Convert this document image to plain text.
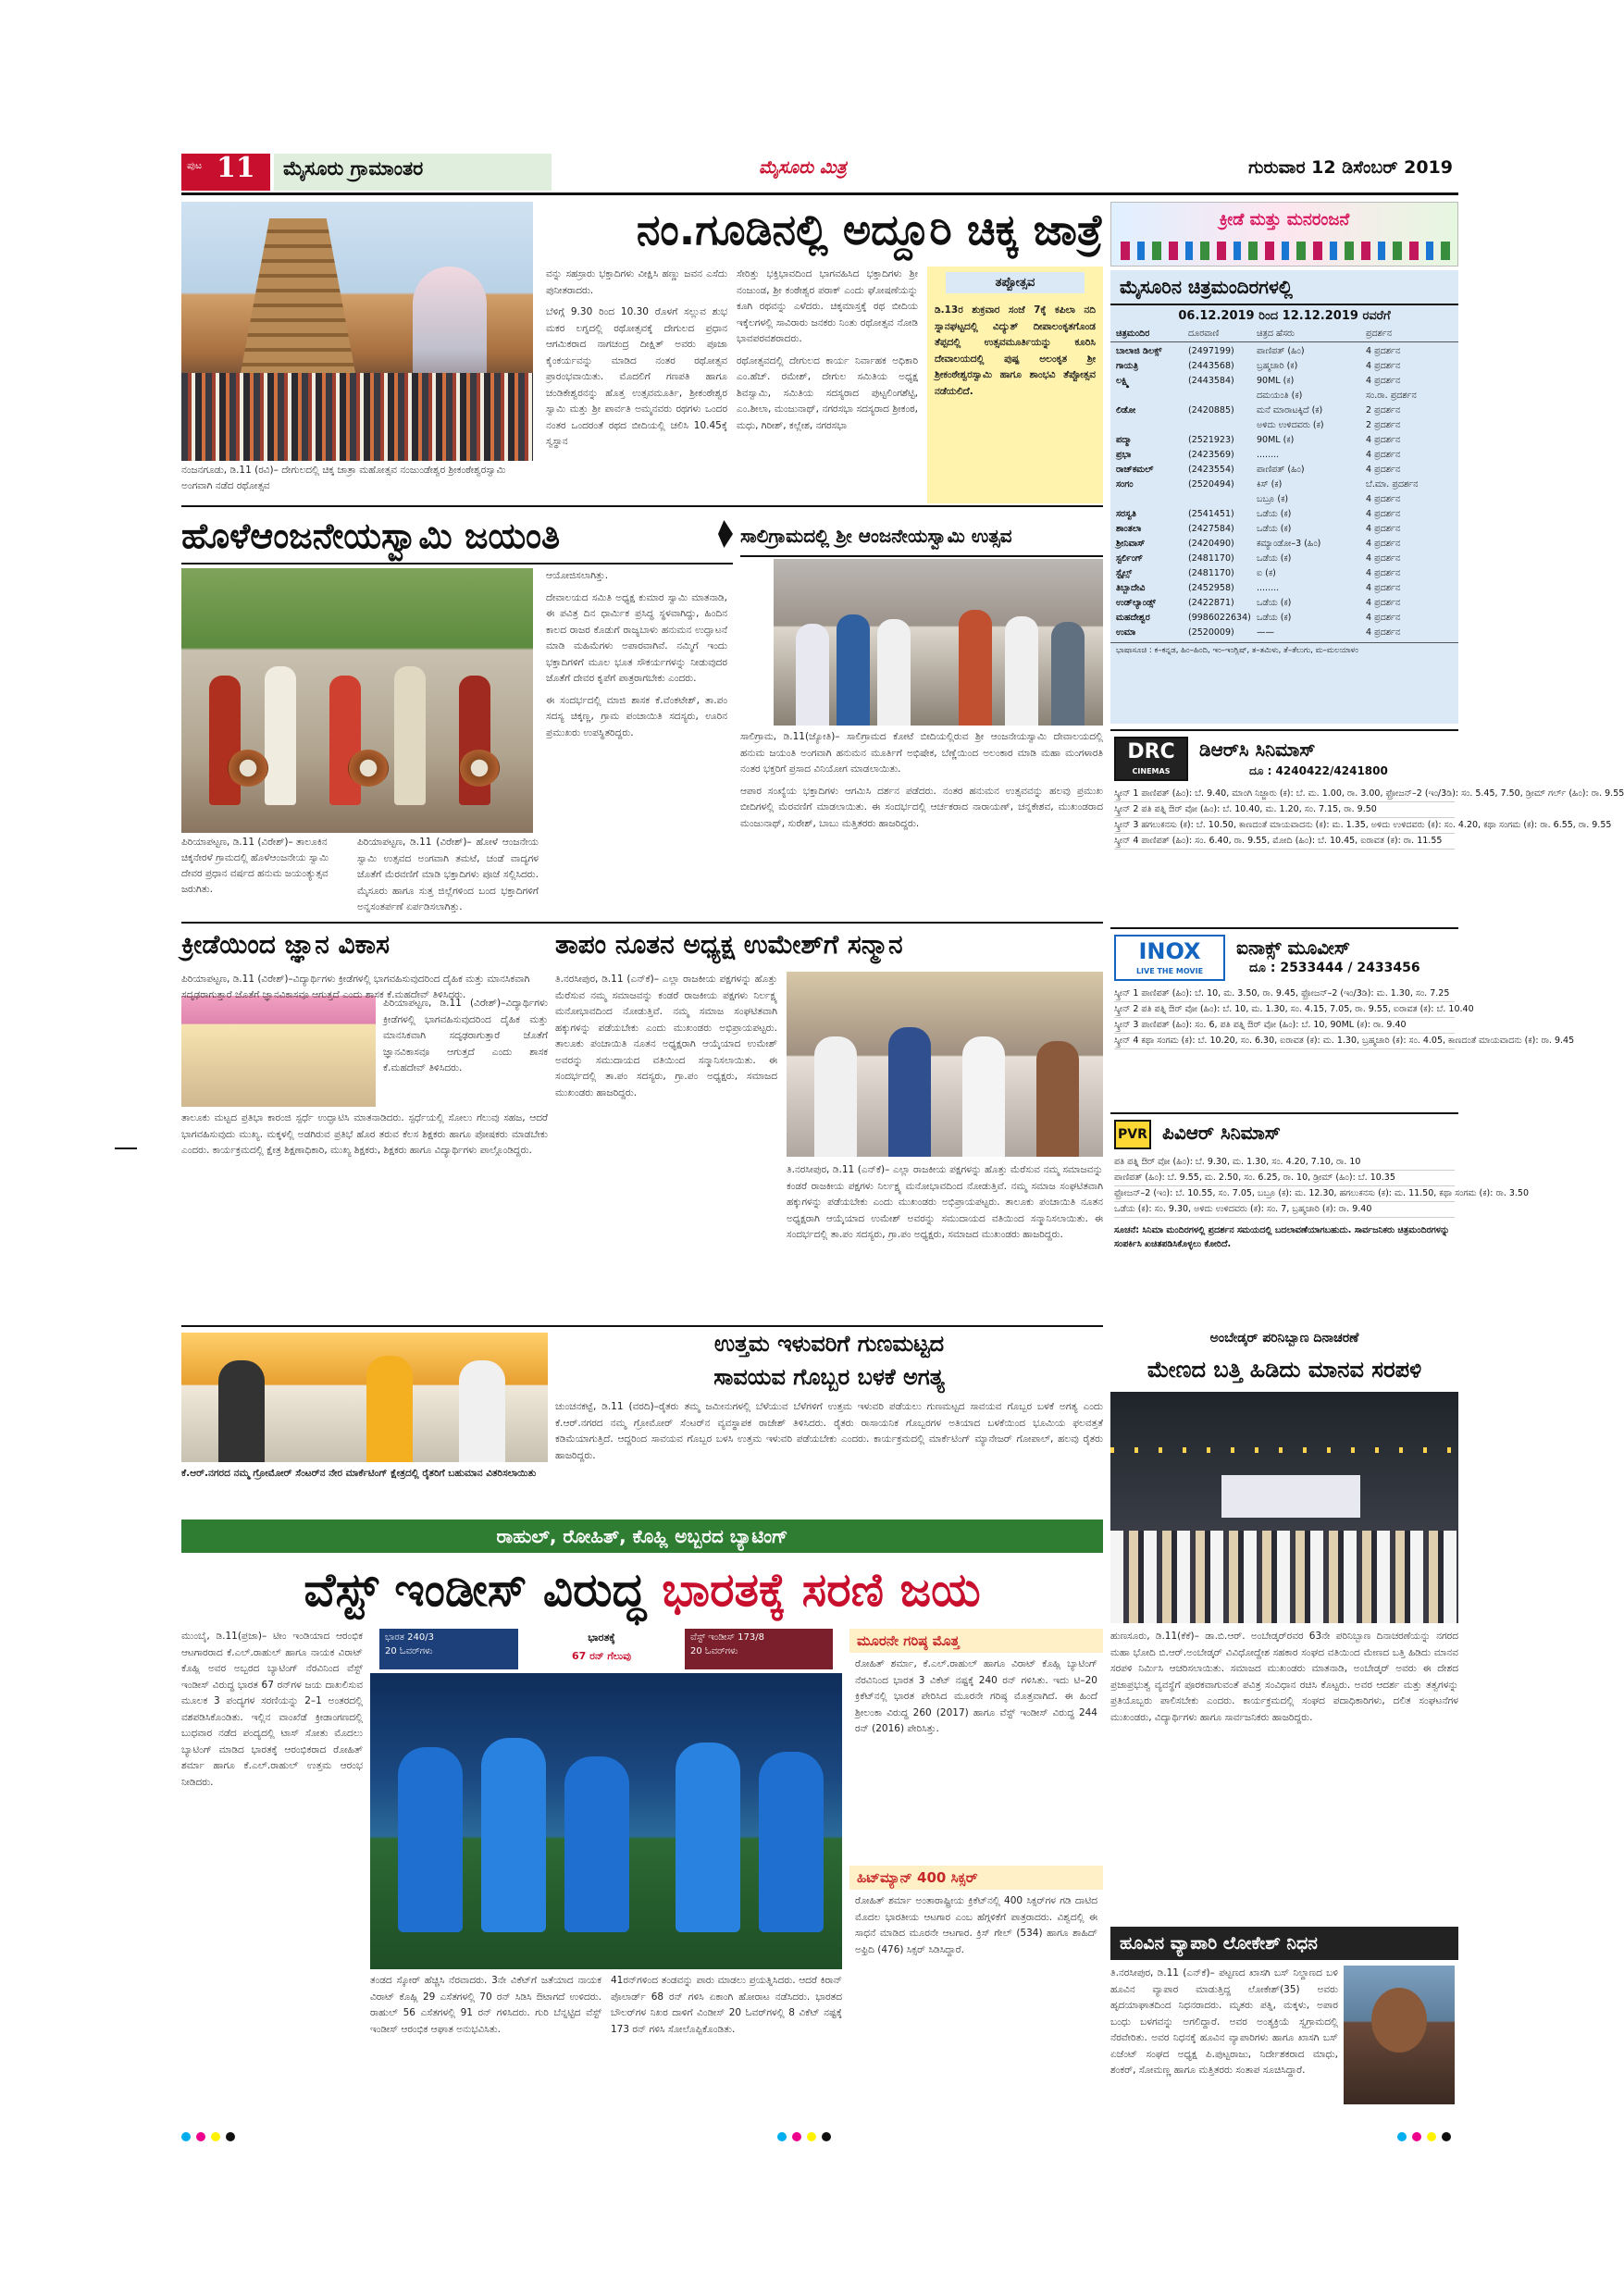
ಪುಟ 11	ಮೈಸೂರು ಗ್ರಾಮಾಂತರ	ಮೈಸೂರು ಮಿತ್ರ	ಗುರುವಾರ 12 ಡಿಸೆಂಬರ್ 2019
ನಂ.ಗೂಡಿನಲ್ಲಿ ಅದ್ದೂರಿ ಚಿಕ್ಕ ಜಾತ್ರೆ
ನಂಜನಗೂಡು, ಡಿ.11 (ರವಿ)– ದೇಗುಲದಲ್ಲಿ ಚಿಕ್ಕ ಜಾತ್ರಾ ಮಹೋತ್ಸವ ನಂಜುಂಡೇಶ್ವರ ಶ್ರೀಕಂಠೇಶ್ವರಸ್ವಾಮಿ ಅಂಗವಾಗಿ ನಡೆದ ರಥೋತ್ಸವ

ವನ್ನು ಸಹಸ್ರಾರು ಭಕ್ತಾದಿಗಳು ವೀಕ್ಷಿಸಿ ಹಣ್ಣು ಜವನ ಎಸೆದು ಪುನೀತರಾದರು.

ಬೆಳಿಗ್ಗೆ 9.30 ರಿಂದ 10.30 ರೊಳಗೆ ಸಲ್ಲುವ ಶುಭ ಮಕರ ಲಗ್ನದಲ್ಲಿ ರಥೋತ್ಸವಕ್ಕೆ ದೇಗುಲದ ಪ್ರಧಾನ ಆಗಮಿಕರಾದ ನಾಗಚಂದ್ರ ದೀಕ್ಷಿತ್ ಅವರು ಪೂಜಾ ಕೈಂಕರ್ಯವನ್ನು ಮಾಡಿದ ನಂತರ ರಥೋತ್ಸವ ಪ್ರಾರಂಭವಾಯಿತು. ಮೊದಲಿಗೆ ಗಣಪತಿ ಹಾಗೂ ಚಂಡಿಕೇಶ್ವರನನ್ನು ಹೊತ್ತ ಉತ್ಸವಮೂರ್ತಿ, ಶ್ರೀಕಂಠೇಶ್ವರ ಸ್ವಾಮಿ ಮತ್ತು ಶ್ರೀ ಪಾರ್ವತಿ ಅಮ್ಮನವರು ರಥಗಳು ಒಂದರ ನಂತರ ಒಂದರಂತೆ ರಥದ ಬೀದಿಯಲ್ಲಿ ಚಲಿಸಿ 10.45ಕ್ಕೆ ಸ್ವಸ್ಥಾನ

ಸೇರಿತ್ತು ಭಕ್ತಿಭಾವದಿಂದ ಭಾಗವಹಿಸಿದ ಭಕ್ತಾದಿಗಳು ಶ್ರೀ ನಂಜುಂಡ, ಶ್ರೀ ಕಂಠೇಶ್ವರ ಪರಾಕ್ ಎಂದು ಘೋಷಣೆಯನ್ನು ಕೂಗಿ ರಥವನ್ನು ಎಳೆದರು. ಚಿಕ್ಕಮಾಸ್ತಕ್ಕೆ ರಥ ಬೀದಿಯ ಇಕ್ಕೆಲಗಳಲ್ಲಿ ಸಾವಿರಾರು ಜನಕರು ನಿಂತು ರಥೋತ್ಸವ ನೋಡಿ ಭಾವಪರವಶರಾದರು.

ರಥೋತ್ಸವದಲ್ಲಿ ದೇಗುಲದ ಕಾರ್ಯ ನಿರ್ವಾಹಕ ಅಧಿಕಾರಿ ಎಂ.ಹೆಚ್. ರಮೇಶ್, ದೇಗುಲ ಸಮಿತಿಯ ಅಧ್ಯಕ್ಷ ಶಿವಸ್ವಾಮಿ, ಸಮಿತಿಯ ಸದಸ್ಯರಾದ ಪುಟ್ಟಲಿಂಗಶೆಟ್ಟಿ, ಎಂ.ಶೀಲಾ, ಮಂಜುನಾಥ್, ನಗರಸಭಾ ಸದಸ್ಯರಾದ ಶ್ರೀಕಂಠ, ಮಧು, ಗಿರೀಶ್, ಕಲ್ಲೇಶ, ನಗರಸಭಾ

ತಪ್ಪೋತ್ಸವ
ಡಿ.13ರ ಶುಕ್ರವಾರ ಸಂಜೆ 7ಕ್ಕೆ ಕಪಿಲಾ ನದಿ ಸ್ನಾನಘಟ್ಟದಲ್ಲಿ ವಿದ್ಯುತ್ ದೀಪಾಲಂಕೃತಗೊಂಡ ತೆಪ್ಪದಲ್ಲಿ ಉತ್ಸವಮೂರ್ತಿಯನ್ನು ಕೂರಿಸಿ ದೇವಾಲಯದಲ್ಲಿ ಪುಷ್ಪ ಅಲಂಕೃತ ಶ್ರೀ ಶ್ರೀಕಂಠೇಶ್ವರಸ್ವಾಮಿ ಹಾಗೂ ಶಾಂಭವಿ ತೆಪ್ಪೋತ್ಸವ ನಡೆಯಲಿದೆ.
ಕ್ರೀಡೆ ಮತ್ತು ಮನರಂಜನೆ
ಮೈಸೂರಿನ ಚಿತ್ರಮಂದಿರಗಳಲ್ಲಿ
06.12.2019 ರಿಂದ 12.12.2019 ರವರೆಗೆ
ಚಿತ್ರಮಂದಿರ	ದೂರವಾಣಿ	ಚಿತ್ರದ ಹೆಸರು	ಪ್ರದರ್ಶನ
ಬಾಲಾಜಿ ಡಿಲಕ್ಸ್	(2497199)	ಪಾಣಿಪತ್ (ಹಿಂ)	4 ಪ್ರದರ್ಶನ
ಗಾಯತ್ರಿ	(2443568)	ಬ್ರಹ್ಮಚಾರಿ (ಕ)	4 ಪ್ರದರ್ಶನ
ಲಕ್ಷ್ಮಿ	(2443584)	90ML (ಕ)	4 ಪ್ರದರ್ಶನ
ದಮಯಂತಿ (ಕ)	ಸಂ.ರಾ. ಪ್ರದರ್ಶನ
ಲಿಡೋ	(2420885)	ಮನೆ ಮಾರಾಟಕ್ಕಿದೆ (ಕ)	2 ಪ್ರದರ್ಶನ
ಅಳಿದು ಉಳಿದವರು (ಕ)	2 ಪ್ರದರ್ಶನ
ಪದ್ಮಾ	(2521923)	90ML (ಕ)	4 ಪ್ರದರ್ಶನ
ಪ್ರಭಾ	(2423569)	........	4 ಪ್ರದರ್ಶನ
ರಾಜ್‌ಕಮಲ್	(2423554)	ಪಾಣಿಪತ್ (ಹಿಂ)	4 ಪ್ರದರ್ಶನ
ಸಂಗಂ	(2520494)	ಕಿಸ್ (ಕ)	ಬೆ.ಮಾ. ಪ್ರದರ್ಶನ
ಬಬ್ರೂ (ಕ)	4 ಪ್ರದರ್ಶನ
ಸರಸ್ವತಿ	(2541451)	ಒಡೆಯ (ಕ)	4 ಪ್ರದರ್ಶನ
ಶಾಂತಲಾ	(2427584)	ಒಡೆಯ (ಕ)	4 ಪ್ರದರ್ಶನ
ಶ್ರೀನಿವಾಸ್	(2420490)	ಕಮ್ಯಾಂಡೋ–3 (ಹಿಂ)	4 ಪ್ರದರ್ಶನ
ಸ್ಟರ್ಲಿಂಗ್	(2481170)	ಒಡೆಯ (ಕ)	4 ಪ್ರದರ್ಶನ
ಸ್ಟೈಲ್ಸ್	(2481170)	ಐ (ಕ)	4 ಪ್ರದರ್ಶನ
ತಿಬ್ಬಾದೇವಿ	(2452958)	........	4 ಪ್ರದರ್ಶನ
ಉಡ್‌ಲ್ಯಾಂಡ್ಸ್	(2422871)	ಒಡೆಯ (ಕ)	4 ಪ್ರದರ್ಶನ
ಮಹದೇಶ್ವರ	(9986022634) ಒಡೆಯ (ಕ)	4 ಪ್ರದರ್ಶನ
ಉಮಾ	(2520009)	——	4 ಪ್ರದರ್ಶನ
ಭಾಷಾಸೂಚಿ : ಕ–ಕನ್ನಡ, ಹಿಂ–ಹಿಂದಿ, ಇಂ–ಇಂಗ್ಲಿಷ್, ತ–ತಮಿಳು, ತೆ–ತೆಲುಗು, ಮ–ಮಲಯಾಳಂ
DRC
CINEMAS
ಡಿಆರ್‌ಸಿ ಸಿನಿಮಾಸ್
ದೂ : 4240422/4241800
ಸ್ಕ್ರೀನ್ 1 ಪಾಣಿಪತ್ (ಹಿಂ): ಬೆ. 9.40, ಮಾಂಗಿ ನಿಜ್ಜಾರು (ಕ): ಬೆ. ಮ. 1.00, ರಾ. 3.00, ಫ್ರೋಜನ್–2 (ಇಂ/3ಡಿ): ಸಂ. 5.45, 7.50, ಡ್ರೀಮ್ ಗರ್ಲ್ (ಹಿಂ): ರಾ. 9.55
ಸ್ಕ್ರೀನ್ 2 ಪತಿ ಪತ್ನಿ ಔರ್ ವೋ (ಹಿಂ): ಬೆ. 10.40, ಮ. 1.20, ಸಂ. 7.15, ರಾ. 9.50
ಸ್ಕ್ರೀನ್ 3 ಹಗಲುಕನಸು (ಕ): ಬೆ. 10.50, ಕಾಣದಂತೆ ಮಾಯವಾದನು (ಕ): ಮ. 1.35, ಅಳಿದು ಉಳಿದವರು (ಕ): ಸಂ. 4.20, ಕಥಾ ಸಂಗಮ (ಕ): ರಾ. 6.55, ರಾ. 9.55
ಸ್ಕ್ರೀನ್ 4 ಪಾಣಿಪತ್ (ಹಿಂ): ಸಂ. 6.40, ರಾ. 9.55, ಮೋದಿ (ಹಿಂ): ಬೆ. 10.45, ಐರಾವತ (ಕ): ರಾ. 11.55
INOX
LIVE THE MOVIE
ಐನಾಕ್ಸ್ ಮೂವೀಸ್
ದೂ : 2533444 / 2433456
ಸ್ಕ್ರೀನ್ 1 ಪಾಣಿಪತ್ (ಹಿಂ): ಬೆ. 10, ಮ. 3.50, ರಾ. 9.45, ಫ್ರೋಜನ್–2 (ಇಂ/3ಡಿ): ಮ. 1.30, ಸಂ. 7.25
ಸ್ಕ್ರೀನ್ 2 ಪತಿ ಪತ್ನಿ ಔರ್ ವೋ (ಹಿಂ): ಬೆ. 10, ಮ. 1.30, ಸಂ. 4.15, 7.05, ರಾ. 9.55, ಐರಾವತ (ಕ): ಬೆ. 10.40
ಸ್ಕ್ರೀನ್ 3 ಪಾಣಿಪತ್ (ಹಿಂ): ಸಂ. 6, ಪತಿ ಪತ್ನಿ ಔರ್ ವೋ (ಹಿಂ): ಬೆ. 10, 90ML (ಕ): ರಾ. 9.40
ಸ್ಕ್ರೀನ್ 4 ಕಥಾ ಸಂಗಮ (ಕ): ಬೆ. 10.20, ಸಂ. 6.30, ಐರಾವತ (ಕ): ಮ. 1.30, ಬ್ರಹ್ಮಚಾರಿ (ಕ): ಸಂ. 4.05, ಕಾಣದಂತೆ ಮಾಯವಾದನು (ಕ): ರಾ. 9.45
PVR ಪಿವಿಆರ್ ಸಿನಿಮಾಸ್
ಪತಿ ಪತ್ನಿ ಔರ್ ವೋ (ಹಿಂ): ಬೆ. 9.30, ಮ. 1.30, ಸಂ. 4.20, 7.10, ರಾ. 10
ಪಾಣಿಪತ್ (ಹಿಂ): ಬೆ. 9.55, ಮ. 2.50, ಸಂ. 6.25, ರಾ. 10, ಡ್ರೀಮ್ (ಹಿಂ): ಬೆ. 10.35
ಫ್ರೋಜನ್–2 (ಇಂ): ಬೆ. 10.55, ಸಂ. 7.05, ಬಬ್ರೂ (ಕ): ಮ. 12.30, ಹಗಲುಕನಸು (ಕ): ಮ. 11.50, ಕಥಾ ಸಂಗಮ (ಕ): ರಾ. 3.50
ಒಡೆಯ (ಕ): ಸಂ. 9.30, ಅಳಿದು ಉಳಿದವರು (ಕ): ಸಂ. 7, ಬ್ರಹ್ಮಚಾರಿ (ಕ): ರಾ. 9.40
ಸೂಚನೆ: ಸಿನಿಮಾ ಮಂದಿರಗಳಲ್ಲಿ ಪ್ರದರ್ಶನ ಸಮಯದಲ್ಲಿ ಬದಲಾವಣೆಯಾಗಬಹುದು. ಸಾರ್ವಜನಿಕರು ಚಿತ್ರಮಂದಿರಗಳನ್ನು ಸಂಪರ್ಕಿಸಿ ಖಚಿತಪಡಿಸಿಕೊಳ್ಳಲು ಕೋರಿದೆ.
ಹೊಳೆಆಂಜನೇಯಸ್ವಾಮಿ ಜಯಂತಿ
ಪಿರಿಯಾಪಟ್ಟಣ, ಡಿ.11 (ವಿರೇಶ್)– ತಾಲೂಕಿನ ಚಿಕ್ಕನೇರಳೆ ಗ್ರಾಮದಲ್ಲಿ ಹೊಳೆಆಂಜನೇಯ ಸ್ವಾಮಿ ದೇವರ ಪ್ರಧಾನ ವರ್ಷದ ಹನುಮ ಜಯಂತ್ಯುತ್ಸವ ಜರುಗಿತು.

ಆಯೋಜಿಸಲಾಗಿತ್ತು.

ದೇವಾಲಯದ ಸಮಿತಿ ಅಧ್ಯಕ್ಷ ಕುಮಾರ ಸ್ವಾಮಿ ಮಾತನಾಡಿ, ಈ ಪವಿತ್ರ ದಿನ ಧಾರ್ಮಿಕ ಪ್ರಸಿದ್ಧ ಸ್ಥಳವಾಗಿದ್ದು, ಹಿಂದಿನ ಕಾಲದ ರಾಜರ ಕೊಡುಗೆ ರಾಜ್ಯಬಾಳು ಹನುಮನ ಉದ್ಘಾಟನೆ ಮಾಡಿ ಮಹಿಮೆಗಳು ಅಪಾರವಾಗಿವೆ. ನಮ್ಮಿಗೆ ಇಂದು ಭಕ್ತಾದಿಗಳಿಗೆ ಮೂಲ ಭೂತ ಸೌಕರ್ಯಗಳನ್ನು ನೀಡುವುದರ ಜೊತೆಗೆ ದೇವರ ಕೃಪೆಗೆ ಪಾತ್ರರಾಗಬೇಕು ಎಂದರು.

ಈ ಸಂದರ್ಭದಲ್ಲಿ ಮಾಜಿ ಶಾಸಕ ಕೆ.ವೆಂಕಟೇಶ್, ತಾ.ಪಂ ಸದಸ್ಯ ಚಿಕ್ಕಣ್ಣ, ಗ್ರಾಮ ಪಂಚಾಯಿತಿ ಸದಸ್ಯರು, ಊರಿನ ಪ್ರಮುಖರು ಉಪಸ್ಥಿತರಿದ್ದರು.

ಪಿರಿಯಾಪಟ್ಟಣ, ಡಿ.11 (ವಿರೇಶ್)– ಹೋಳೆ ಆಂಜನೇಯ ಸ್ವಾಮಿ ಉತ್ಸವದ ಅಂಗವಾಗಿ ತಮಟೆ, ಚಂಡೆ ವಾದ್ಯಗಳ ಜೊತೆಗೆ ಮೆರವಣಿಗೆ ಮಾಡಿ ಭಕ್ತಾದಿಗಳು ಪೂಜೆ ಸಲ್ಲಿಸಿದರು. ಮೈಸೂರು ಹಾಗೂ ಸುತ್ತ ಜಿಲ್ಲೆಗಳಿಂದ ಬಂದ ಭಕ್ತಾದಿಗಳಿಗೆ ಅನ್ನಸಂತರ್ಪಣೆ ಏರ್ಪಡಿಸಲಾಗಿತ್ತು.
ಸಾಲಿಗ್ರಾಮದಲ್ಲಿ ಶ್ರೀ ಆಂಜನೇಯಸ್ವಾಮಿ ಉತ್ಸವ

ಸಾಲಿಗ್ರಾಮ, ಡಿ.11(ಜ್ಯೋತಿ)– ಸಾಲಿಗ್ರಾಮದ ಕೋಟೆ ಬೀದಿಯಲ್ಲಿರುವ ಶ್ರೀ ಆಂಜನೇಯಸ್ವಾಮಿ ದೇವಾಲಯದಲ್ಲಿ ಹನುಮ ಜಯಂತಿ ಅಂಗವಾಗಿ ಹನುಮನ ಮೂರ್ತಿಗೆ ಅಭಿಷೇಕ, ಬೆಣ್ಣೆಯಿಂದ ಅಲಂಕಾರ ಮಾಡಿ ಮಹಾ ಮಂಗಳಾರತಿ ನಂತರ ಭಕ್ತರಿಗೆ ಪ್ರಸಾದ ವಿನಿಯೋಗ ಮಾಡಲಾಯಿತು.

ಆಪಾರ ಸಂಖ್ಯೆಯ ಭಕ್ತಾದಿಗಳು ಆಗಮಿಸಿ ದರ್ಶನ ಪಡೆದರು. ನಂತರ ಹನುಮನ ಉತ್ಸವವನ್ನು ಹಲವು ಪ್ರಮುಖ ಬೀದಿಗಳಲ್ಲಿ ಮೆರವಣಿಗೆ ಮಾಡಲಾಯಿತು. ಈ ಸಂದರ್ಭದಲ್ಲಿ ಆರ್ಚಕರಾದ ನಾರಾಯಣ್, ಚನ್ನಕೇಶವ, ಮುಖಂಡರಾದ ಮಂಜುನಾಥ್, ಸುರೇಶ್, ಬಾಬು ಮತ್ತಿತರರು ಹಾಜರಿದ್ದರು.

ಕ್ರೀಡೆಯಿಂದ ಜ್ಞಾನ ವಿಕಾಸ
ಪಿರಿಯಾಪಟ್ಟಣ, ಡಿ.11 (ವಿರೇಶ್)–ವಿದ್ಯಾರ್ಥಿಗಳು ಕ್ರೀಡೆಗಳಲ್ಲಿ ಭಾಗವಹಿಸುವುದರಿಂದ ದೈಹಿಕ ಮತ್ತು ಮಾನಸಿಕವಾಗಿ ಸದೃಢರಾಗುತ್ತಾರೆ ಜೊತೆಗೆ ಜ್ಞಾನವಿಕಾಸವೂ ಆಗುತ್ತದೆ ಎಂದು ಶಾಸಕ ಕೆ.ಮಹದೇವ್ ತಿಳಿಸಿದರು.
ಪಿರಿಯಾಪಟ್ಟಣ, ಡಿ.11 (ವಿರೇಶ್)–ವಿದ್ಯಾರ್ಥಿಗಳು ಕ್ರೀಡೆಗಳಲ್ಲಿ ಭಾಗವಹಿಸುವುದರಿಂದ ದೈಹಿಕ ಮತ್ತು ಮಾನಸಿಕವಾಗಿ ಸದೃಢರಾಗುತ್ತಾರೆ ಜೊತೆಗೆ ಜ್ಞಾನವಿಕಾಸವೂ ಆಗುತ್ತದೆ ಎಂದು ಶಾಸಕ ಕೆ.ಮಹದೇವ್ ತಿಳಿಸಿದರು.
ತಾಲೂಕು ಮಟ್ಟದ ಪ್ರತಿಭಾ ಕಾರಂಜಿ ಸ್ಪರ್ಧೆ ಉದ್ಘಾಟಿಸಿ ಮಾತನಾಡಿದರು. ಸ್ಪರ್ಧೆಯಲ್ಲಿ ಸೋಲು ಗೆಲುವು ಸಹಜ, ಆದರೆ ಭಾಗವಹಿಸುವುದು ಮುಖ್ಯ. ಮಕ್ಕಳಲ್ಲಿ ಅಡಗಿರುವ ಪ್ರತಿಭೆ ಹೊರ ತರುವ ಕೆಲಸ ಶಿಕ್ಷಕರು ಹಾಗೂ ಪೋಷಕರು ಮಾಡಬೇಕು ಎಂದರು. ಕಾರ್ಯಕ್ರಮದಲ್ಲಿ ಕ್ಷೇತ್ರ ಶಿಕ್ಷಣಾಧಿಕಾರಿ, ಮುಖ್ಯ ಶಿಕ್ಷಕರು, ಶಿಕ್ಷಕರು ಹಾಗೂ ವಿದ್ಯಾರ್ಥಿಗಳು ಪಾಲ್ಗೊಂಡಿದ್ದರು.
ತಾಪಂ ನೂತನ ಅಧ್ಯಕ್ಷ ಉಮೇಶ್‌ಗೆ ಸನ್ಮಾನ
ತಿ.ನರಸೀಪುರ, ಡಿ.11 (ಎನ್‌ಕೆ)– ಎಲ್ಲಾ ರಾಜಕೀಯ ಪಕ್ಷಗಳನ್ನು ಹೊತ್ತು ಮೆರೆಸುವ ನಮ್ಮ ಸಮಾಜವನ್ನು ಕಂಡರೆ ರಾಜಕೀಯ ಪಕ್ಷಗಳು ನಿರ್ಲಕ್ಷ್ಯ ಮನೋಭಾವದಿಂದ ನೋಡುತ್ತಿವೆ. ನಮ್ಮ ಸಮಾಜ ಸಂಘಟಿತವಾಗಿ ಹಕ್ಕುಗಳನ್ನು ಪಡೆಯಬೇಕು ಎಂದು ಮುಖಂಡರು ಅಭಿಪ್ರಾಯಪಟ್ಟರು. ತಾಲೂಕು ಪಂಚಾಯಿತಿ ನೂತನ ಅಧ್ಯಕ್ಷರಾಗಿ ಆಯ್ಕೆಯಾದ ಉಮೇಶ್ ಅವರನ್ನು ಸಮುದಾಯದ ವತಿಯಿಂದ ಸನ್ಮಾನಿಸಲಾಯಿತು. ಈ ಸಂದರ್ಭದಲ್ಲಿ ತಾ.ಪಂ ಸದಸ್ಯರು, ಗ್ರಾ.ಪಂ ಅಧ್ಯಕ್ಷರು, ಸಮಾಜದ ಮುಖಂಡರು ಹಾಜರಿದ್ದರು.
ತಿ.ನರಸೀಪುರ, ಡಿ.11 (ಎನ್‌ಕೆ)– ಎಲ್ಲಾ ರಾಜಕೀಯ ಪಕ್ಷಗಳನ್ನು ಹೊತ್ತು ಮೆರೆಸುವ ನಮ್ಮ ಸಮಾಜವನ್ನು ಕಂಡರೆ ರಾಜಕೀಯ ಪಕ್ಷಗಳು ನಿರ್ಲಕ್ಷ್ಯ ಮನೋಭಾವದಿಂದ ನೋಡುತ್ತಿವೆ. ನಮ್ಮ ಸಮಾಜ ಸಂಘಟಿತವಾಗಿ ಹಕ್ಕುಗಳನ್ನು ಪಡೆಯಬೇಕು ಎಂದು ಮುಖಂಡರು ಅಭಿಪ್ರಾಯಪಟ್ಟರು. ತಾಲೂಕು ಪಂಚಾಯಿತಿ ನೂತನ ಅಧ್ಯಕ್ಷರಾಗಿ ಆಯ್ಕೆಯಾದ ಉಮೇಶ್ ಅವರನ್ನು ಸಮುದಾಯದ ವತಿಯಿಂದ ಸನ್ಮಾನಿಸಲಾಯಿತು. ಈ ಸಂದರ್ಭದಲ್ಲಿ ತಾ.ಪಂ ಸದಸ್ಯರು, ಗ್ರಾ.ಪಂ ಅಧ್ಯಕ್ಷರು, ಸಮಾಜದ ಮುಖಂಡರು ಹಾಜರಿದ್ದರು.
ಉತ್ತಮ ಇಳುವರಿಗೆ ಗುಣಮಟ್ಟದ
ಸಾವಯವ ಗೊಬ್ಬರ ಬಳಕೆ ಅಗತ್ಯ
ಕೆ.ಆರ್.ನಗರದ ನಮ್ಮ ಗ್ರೋಮೋರ್ ಸೆಂಟರ್‌ನ ನೇರ ಮಾರ್ಕೆಟಿಂಗ್ ಕ್ಷೇತ್ರದಲ್ಲಿ ರೈತರಿಗೆ ಬಹುಮಾನ ವಿತರಿಸಲಾಯಿತು
ಚುಂಚನಕಟ್ಟೆ, ಡಿ.11 (ವರದಿ)–ರೈತರು ತಮ್ಮ ಜಮೀನುಗಳಲ್ಲಿ ಬೆಳೆಯುವ ಬೆಳೆಗಳಿಗೆ ಉತ್ತಮ ಇಳುವರಿ ಪಡೆಯಲು ಗುಣಮಟ್ಟದ ಸಾವಯವ ಗೊಬ್ಬರ ಬಳಕೆ ಅಗತ್ಯ ಎಂದು ಕೆ.ಆರ್.ನಗರದ ನಮ್ಮ ಗ್ರೋಮೋರ್ ಸೆಂಟರ್‌ನ ವ್ಯವಸ್ಥಾಪಕ ರಾಜೇಶ್ ತಿಳಿಸಿದರು. ರೈತರು ರಾಸಾಯನಿಕ ಗೊಬ್ಬರಗಳ ಅತಿಯಾದ ಬಳಕೆಯಿಂದ ಭೂಮಿಯ ಫಲವತ್ತತೆ ಕಡಿಮೆಯಾಗುತ್ತಿದೆ. ಆದ್ದರಿಂದ ಸಾವಯವ ಗೊಬ್ಬರ ಬಳಸಿ ಉತ್ತಮ ಇಳುವರಿ ಪಡೆಯಬೇಕು ಎಂದರು. ಕಾರ್ಯಕ್ರಮದಲ್ಲಿ ಮಾರ್ಕೆಟಿಂಗ್ ಮ್ಯಾನೇಜರ್ ಗೋಪಾಲ್, ಹಲವು ರೈತರು ಹಾಜರಿದ್ದರು.
ಅಂಬೇಡ್ಕರ್ ಪರಿನಿಬ್ಬಾಣ ದಿನಾಚರಣೆ
ಮೇಣದ ಬತ್ತಿ ಹಿಡಿದು ಮಾನವ ಸರಪಳಿ
ಹುಣಸೂರು, ಡಿ.11(ಕೆಕೆ)– ಡಾ.ಬಿ.ಆರ್. ಅಂಬೇಡ್ಕರ್‌ರವರ 63ನೇ ಪರಿನಿಬ್ಬಾಣ ದಿನಾಚರಣೆಯನ್ನು ನಗರದ ಮಹಾ ಭೋದಿ ಬಿ.ಆರ್.ಅಂಬೇಡ್ಕರ್ ವಿವಿಧೋದ್ದೇಶ ಸಹಕಾರ ಸಂಘದ ವತಿಯಿಂದ ಮೇಣದ ಬತ್ತಿ ಹಿಡಿದು ಮಾನವ ಸರಪಳಿ ನಿರ್ಮಿಸಿ ಆಚರಿಸಲಾಯಿತು. ಸಮಾಜದ ಮುಖಂಡರು ಮಾತನಾಡಿ, ಅಂಬೇಡ್ಕರ್ ಅವರು ಈ ದೇಶದ ಪ್ರಜಾಪ್ರಭುತ್ವ ವ್ಯವಸ್ಥೆಗೆ ಪೂರಕವಾಗುವಂತೆ ಪವಿತ್ರ ಸಂವಿಧಾನ ರಚಿಸಿ ಕೊಟ್ಟರು. ಅವರ ಆದರ್ಶ ಮತ್ತು ತತ್ವಗಳನ್ನು ಪ್ರತಿಯೊಬ್ಬರು ಪಾಲಿಸಬೇಕು ಎಂದರು. ಕಾರ್ಯಕ್ರಮದಲ್ಲಿ ಸಂಘದ ಪದಾಧಿಕಾರಿಗಳು, ದಲಿತ ಸಂಘಟನೆಗಳ ಮುಖಂಡರು, ವಿದ್ಯಾರ್ಥಿಗಳು ಹಾಗೂ ಸಾರ್ವಜನಿಕರು ಹಾಜರಿದ್ದರು.
ರಾಹುಲ್, ರೋಹಿತ್, ಕೊಹ್ಲಿ ಅಬ್ಬರದ ಬ್ಯಾಟಿಂಗ್
ವೆಸ್ಟ್ ಇಂಡೀಸ್ ವಿರುದ್ಧ ಭಾರತಕ್ಕೆ ಸರಣಿ ಜಯ
ಭಾರತ 240/3
20 ಓವರ್‌ಗಳು
ಭಾರತಕ್ಕೆ
67 ರನ್ ಗೆಲುವು
ವೆಸ್ಟ್ ಇಂಡೀಸ್ 173/8
20 ಓವರ್‌ಗಳು
ಮುಂಬೈ, ಡಿ.11(ಪ್ರಜಾ)– ಟೀಂ ಇಂಡಿಯಾದ ಆರಂಭಿಕ ಆಟಗಾರರಾದ ಕೆ.ಎಲ್.ರಾಹುಲ್ ಹಾಗೂ ನಾಯಕ ವಿರಾಟ್ ಕೊಹ್ಲಿ ಅವರ ಅಬ್ಬರದ ಬ್ಯಾಟಿಂಗ್ ನೆರವಿನಿಂದ ವೆಸ್ಟ್ ಇಂಡೀಸ್ ವಿರುದ್ಧ ಭಾರತ 67 ರನ್‌ಗಳ ಜಯ ದಾಖಲಿಸುವ ಮೂಲಕ 3 ಪಂದ್ಯಗಳ ಸರಣಿಯನ್ನು 2–1 ಅಂತರದಲ್ಲಿ ವಶಪಡಿಸಿಕೊಂಡಿತು. ಇಲ್ಲಿನ ವಾಂಖೆಡೆ ಕ್ರೀಡಾಂಗಣದಲ್ಲಿ ಬುಧವಾರ ನಡೆದ ಪಂದ್ಯದಲ್ಲಿ ಟಾಸ್ ಸೋತು ಮೊದಲು ಬ್ಯಾಟಿಂಗ್ ಮಾಡಿದ ಭಾರತಕ್ಕೆ ಆರಂಭಿಕರಾದ ರೋಹಿತ್ ಶರ್ಮಾ ಹಾಗೂ ಕೆ.ಎಲ್.ರಾಹುಲ್ ಉತ್ತಮ ಆರಂಭ ನೀಡಿದರು.
ತಂಡದ ಸ್ಕೋರ್ ಹೆಚ್ಚಿಸಿ ನೆರವಾದರು. 3ನೇ ವಿಕೆಟ್‌ಗೆ ಜತೆಯಾದ ನಾಯಕ ವಿರಾಟ್ ಕೊಹ್ಲಿ 29 ಎಸೆತಗಳಲ್ಲಿ 70 ರನ್ ಸಿಡಿಸಿ ಔಟಾಗದೆ ಉಳಿದರು. ರಾಹುಲ್ 56 ಎಸೆತಗಳಲ್ಲಿ 91 ರನ್ ಗಳಿಸಿದರು. ಗುರಿ ಬೆನ್ನಟ್ಟಿದ ವೆಸ್ಟ್ ಇಂಡೀಸ್ ಆರಂಭಿಕ ಆಘಾತ ಅನುಭವಿಸಿತು.
41ರನ್‌ಗಳಿಂದ ತಂಡವನ್ನು ಪಾರು ಮಾಡಲು ಪ್ರಯತ್ನಿಸಿದರು. ಆದರೆ ಕಿರಾನ್ ಪೊಲಾರ್ಡ್ 68 ರನ್ ಗಳಿಸಿ ಏಕಾಂಗಿ ಹೋರಾಟ ನಡೆಸಿದರು. ಭಾರತದ ಬೌಲರ್‌ಗಳ ನಿಖರ ದಾಳಿಗೆ ವಿಂಡೀಸ್ 20 ಓವರ್‌ಗಳಲ್ಲಿ 8 ವಿಕೆಟ್ ನಷ್ಟಕ್ಕೆ 173 ರನ್ ಗಳಿಸಿ ಸೋಲೊಪ್ಪಿಕೊಂಡಿತು.
ಮೂರನೇ ಗರಿಷ್ಠ ಮೊತ್ತ
ರೋಹಿತ್ ಶರ್ಮಾ, ಕೆ.ಎಲ್.ರಾಹುಲ್ ಹಾಗೂ ವಿರಾಟ್ ಕೊಹ್ಲಿ ಬ್ಯಾಟಿಂಗ್ ನೆರವಿನಿಂದ ಭಾರತ 3 ವಿಕೆಟ್ ನಷ್ಟಕ್ಕೆ 240 ರನ್ ಗಳಿಸಿತು. ಇದು ಟಿ–20 ಕ್ರಿಕೆಟ್‌ನಲ್ಲಿ ಭಾರತ ಪೇರಿಸಿದ ಮೂರನೇ ಗರಿಷ್ಠ ಮೊತ್ತವಾಗಿದೆ. ಈ ಹಿಂದೆ ಶ್ರೀಲಂಕಾ ವಿರುದ್ಧ 260 (2017) ಹಾಗೂ ವೆಸ್ಟ್ ಇಂಡೀಸ್ ವಿರುದ್ಧ 244 ರನ್ (2016) ಪೇರಿಸಿತ್ತು.
ಹಿಟ್‌ಮ್ಯಾನ್ 400 ಸಿಕ್ಸರ್
ರೋಹಿತ್ ಶರ್ಮಾ ಅಂತಾರಾಷ್ಟ್ರೀಯ ಕ್ರಿಕೆಟ್‌ನಲ್ಲಿ 400 ಸಿಕ್ಸರ್‌ಗಳ ಗಡಿ ದಾಟಿದ ಮೊದಲ ಭಾರತೀಯ ಆಟಗಾರ ಎಂಬ ಹೆಗ್ಗಳಿಕೆಗೆ ಪಾತ್ರರಾದರು. ವಿಶ್ವದಲ್ಲಿ ಈ ಸಾಧನೆ ಮಾಡಿದ ಮೂರನೇ ಆಟಗಾರ. ಕ್ರಿಸ್ ಗೇಲ್ (534) ಹಾಗೂ ಶಾಹಿದ್ ಅಫ್ರಿದಿ (476) ಸಿಕ್ಸರ್ ಸಿಡಿಸಿದ್ದಾರೆ.	ಹೂವಿನ ವ್ಯಾಪಾರಿ ಲೋಕೇಶ್ ನಿಧನ
ತಿ.ನರಸೀಪುರ, ಡಿ.11 (ಎನ್‌ಕೆ)– ಪಟ್ಟಣದ ಖಾಸಗಿ ಬಸ್ ನಿಲ್ದಾಣದ ಬಳಿ ಹೂವಿನ ವ್ಯಾಪಾರ ಮಾಡುತ್ತಿದ್ದ ಲೋಕೇಶ್(35) ಅವರು ಹೃದಯಾಘಾತದಿಂದ ನಿಧನರಾದರು. ಮೃತರು ಪತ್ನಿ, ಮಕ್ಕಳು, ಅಪಾರ ಬಂಧು ಬಳಗವನ್ನು ಅಗಲಿದ್ದಾರೆ. ಅವರ ಅಂತ್ಯಕ್ರಿಯೆ ಸ್ವಗ್ರಾಮದಲ್ಲಿ ನೆರವೇರಿತು. ಅವರ ನಿಧನಕ್ಕೆ ಹೂವಿನ ವ್ಯಾಪಾರಿಗಳು ಹಾಗೂ ಖಾಸಗಿ ಬಸ್ ಏಜೆಂಟ್ ಸಂಘದ ಅಧ್ಯಕ್ಷ ಪಿ.ಪುಟ್ಟರಾಜು, ನಿರ್ದೇಶಕರಾದ ಮಾಧು, ಶಂಕರ್, ಸೋಮಣ್ಣ ಹಾಗೂ ಮತ್ತಿತರರು ಸಂತಾಪ ಸೂಚಿಸಿದ್ದಾರೆ.
